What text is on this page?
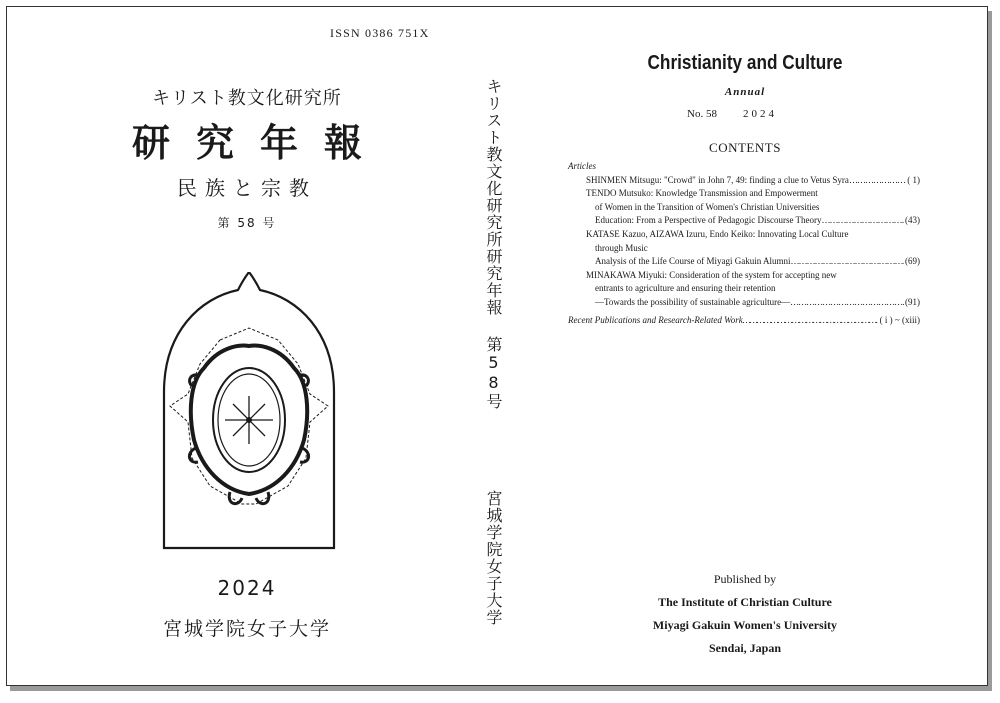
ISSN 0386 751X
キリスト教文化研究所
研究年報
民族と宗教
第 58 号
2024
宮城学院女子大学
キリスト教文化研究所研究年報 第58号
宮城学院女子大学
Christianity and Culture
Annual
No. 58 2024
CONTENTS
Articles
SHINMEN Mitsugu: "Crowd" in John 7, 49: finding a clue to Vetus Syra ……………………………………………………………………………………………………………………………	( 1)
TENDO Mutsuko: Knowledge Transmission and Empowerment
of Women in the Transition of Women's Christian Universities
Education: From a Perspective of Pedagogic Discourse Theory ……………………………………………………………………………………………………………………………	(43)
KATASE Kazuo, AIZAWA Izuru, Endo Keiko: Innovating Local Culture
through Music
Analysis of the Life Course of Miyagi Gakuin Alumni ……………………………………………………………………………………………………………………………	(69)
MINAKAWA Miyuki: Consideration of the system for accepting new
entrants to agriculture and ensuring their retention
―Towards the possibility of sustainable agriculture― ……………………………………………………………………………………………………………………………	(91)
Recent Publications and Research-Related Work ……………………………………………………………………………………………………………………………	( i ) ~ (xiii)
Published by
The Institute of Christian Culture
Miyagi Gakuin Women's University
Sendai, Japan
